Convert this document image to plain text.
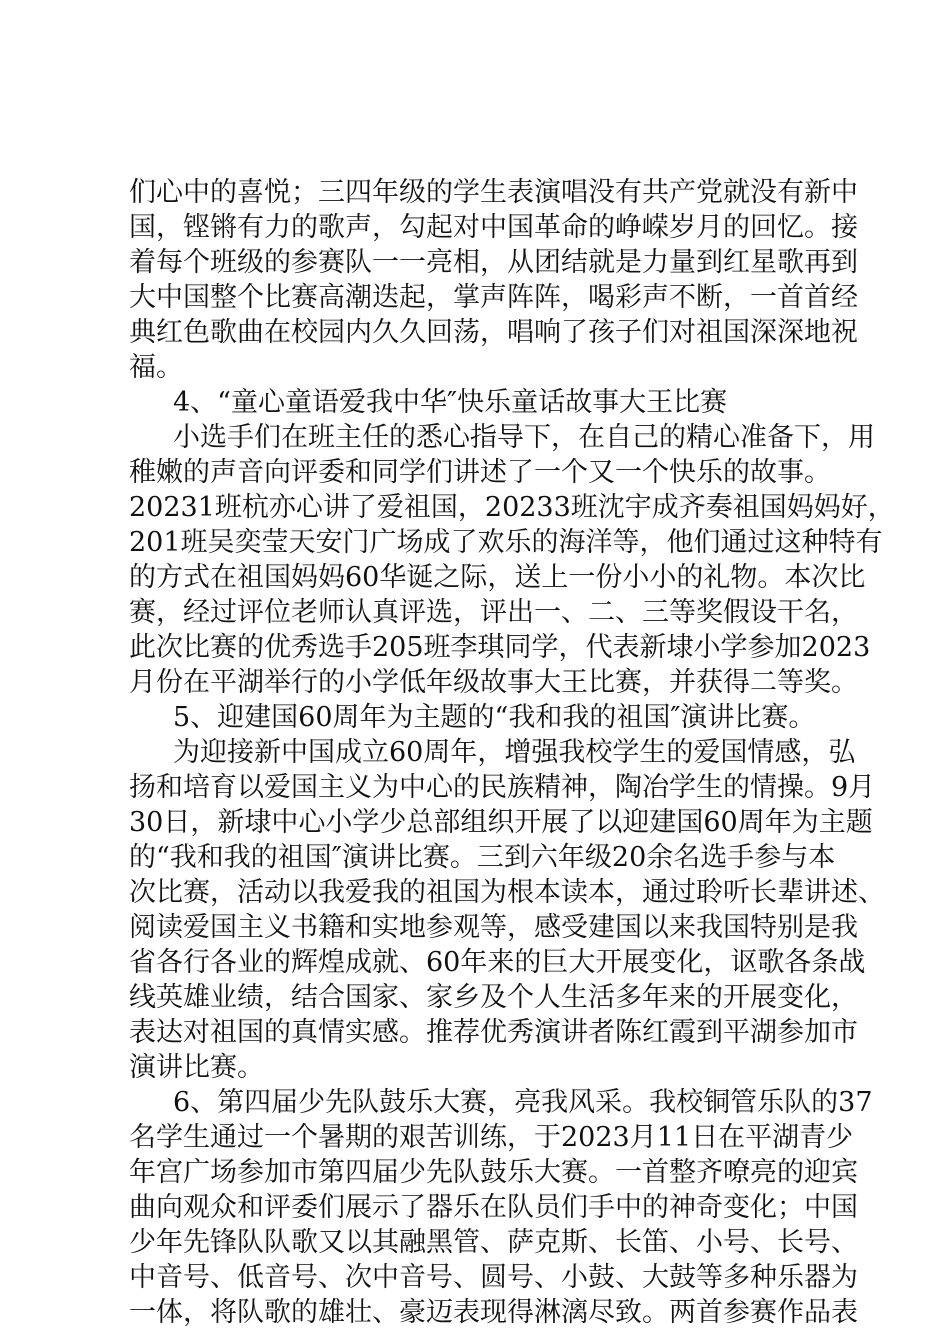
们心中的喜悦；三四年级的学生表演唱没有共产党就没有新中
国，铿锵有力的歌声，勾起对中国革命的峥嵘岁月的回忆。接
着每个班级的参赛队一一亮相，从团结就是力量到红星歌再到
大中国整个比赛高潮迭起，掌声阵阵，喝彩声不断，一首首经
典红色歌曲在校园内久久回荡，唱响了孩子们对祖国深深地祝
福。
4、“童心童语爱我中华″快乐童话故事大王比赛
小选手们在班主任的悉心指导下，在自己的精心准备下，用
稚嫩的声音向评委和同学们讲述了一个又一个快乐的故事。
20231班杭亦心讲了爱祖国，20233班沈宇成齐奏祖国妈妈好，
201班吴奕莹天安门广场成了欢乐的海洋等，他们通过这种特有
的方式在祖国妈妈60华诞之际，送上一份小小的礼物。本次比
赛，经过评位老师认真评选，评出一、二、三等奖假设干名，
此次比赛的优秀选手205班李琪同学，代表新埭小学参加2023
月份在平湖举行的小学低年级故事大王比赛，并获得二等奖。
5、迎建国60周年为主题的“我和我的祖国″演讲比赛。
为迎接新中国成立60周年，增强我校学生的爱国情感，弘
扬和培育以爱国主义为中心的民族精神，陶冶学生的情操。9月
30日，新埭中心小学少总部组织开展了以迎建国60周年为主题
的“我和我的祖国″演讲比赛。三到六年级20余名选手参与本
次比赛，活动以我爱我的祖国为根本读本，通过聆听长辈讲述、
阅读爱国主义书籍和实地参观等，感受建国以来我国特别是我
省各行各业的辉煌成就、60年来的巨大开展变化，讴歌各条战
线英雄业绩，结合国家、家乡及个人生活多年来的开展变化，
表达对祖国的真情实感。推荐优秀演讲者陈红霞到平湖参加市
演讲比赛。
6、第四届少先队鼓乐大赛，亮我风采。我校铜管乐队的37
名学生通过一个暑期的艰苦训练，于2023月11日在平湖青少
年宫广场参加市第四届少先队鼓乐大赛。一首整齐嘹亮的迎宾
曲向观众和评委们展示了器乐在队员们手中的神奇变化；中国
少年先锋队队歌又以其融黑管、萨克斯、长笛、小号、长号、
中音号、低音号、次中音号、圆号、小鼓、大鼓等多种乐器为
一体，将队歌的雄壮、豪迈表现得淋漓尽致。两首参赛作品表
